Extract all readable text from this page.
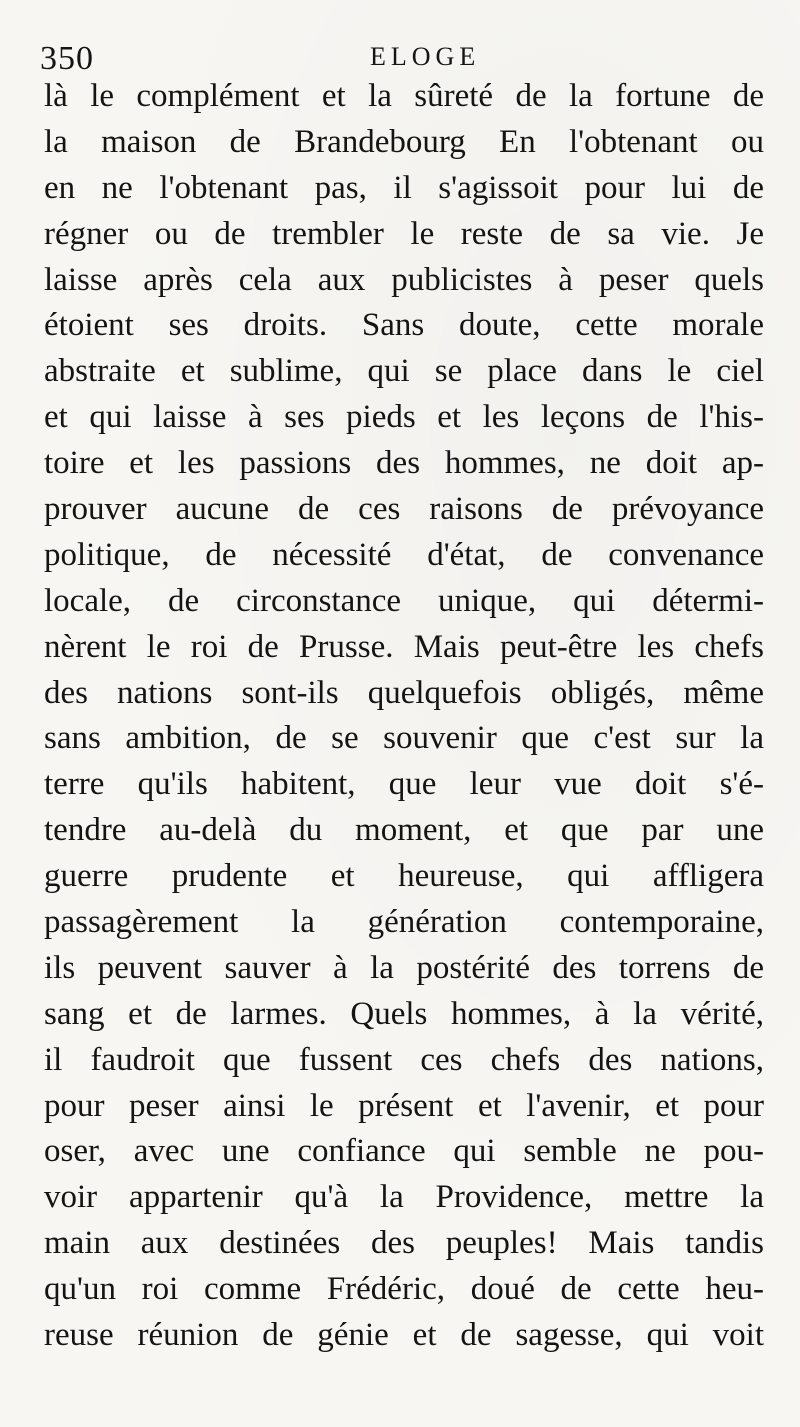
350	ELOGE
là le complément et la sûreté de la fortune de
la maison de Brandebourg En l'obtenant ou
en ne l'obtenant pas, il s'agissoit pour lui de
régner ou de trembler le reste de sa vie. Je
laisse après cela aux publicistes à peser quels
étoient ses droits. Sans doute, cette morale
abstraite et sublime, qui se place dans le ciel
et qui laisse à ses pieds et les leçons de l'his-
toire et les passions des hommes, ne doit ap-
prouver aucune de ces raisons de prévoyance
politique, de nécessité d'état, de convenance
locale, de circonstance unique, qui détermi-
nèrent le roi de Prusse. Mais peut-être les chefs
des nations sont-ils quelquefois obligés, même
sans ambition, de se souvenir que c'est sur la
terre qu'ils habitent, que leur vue doit s'é-
tendre au-delà du moment, et que par une
guerre prudente et heureuse, qui affligera
passagèrement la génération contemporaine,
ils peuvent sauver à la postérité des torrens de
sang et de larmes. Quels hommes, à la vérité,
il faudroit que fussent ces chefs des nations,
pour peser ainsi le présent et l'avenir, et pour
oser, avec une confiance qui semble ne pou-
voir appartenir qu'à la Providence, mettre la
main aux destinées des peuples! Mais tandis
qu'un roi comme Frédéric, doué de cette heu-
reuse réunion de génie et de sagesse, qui voit
